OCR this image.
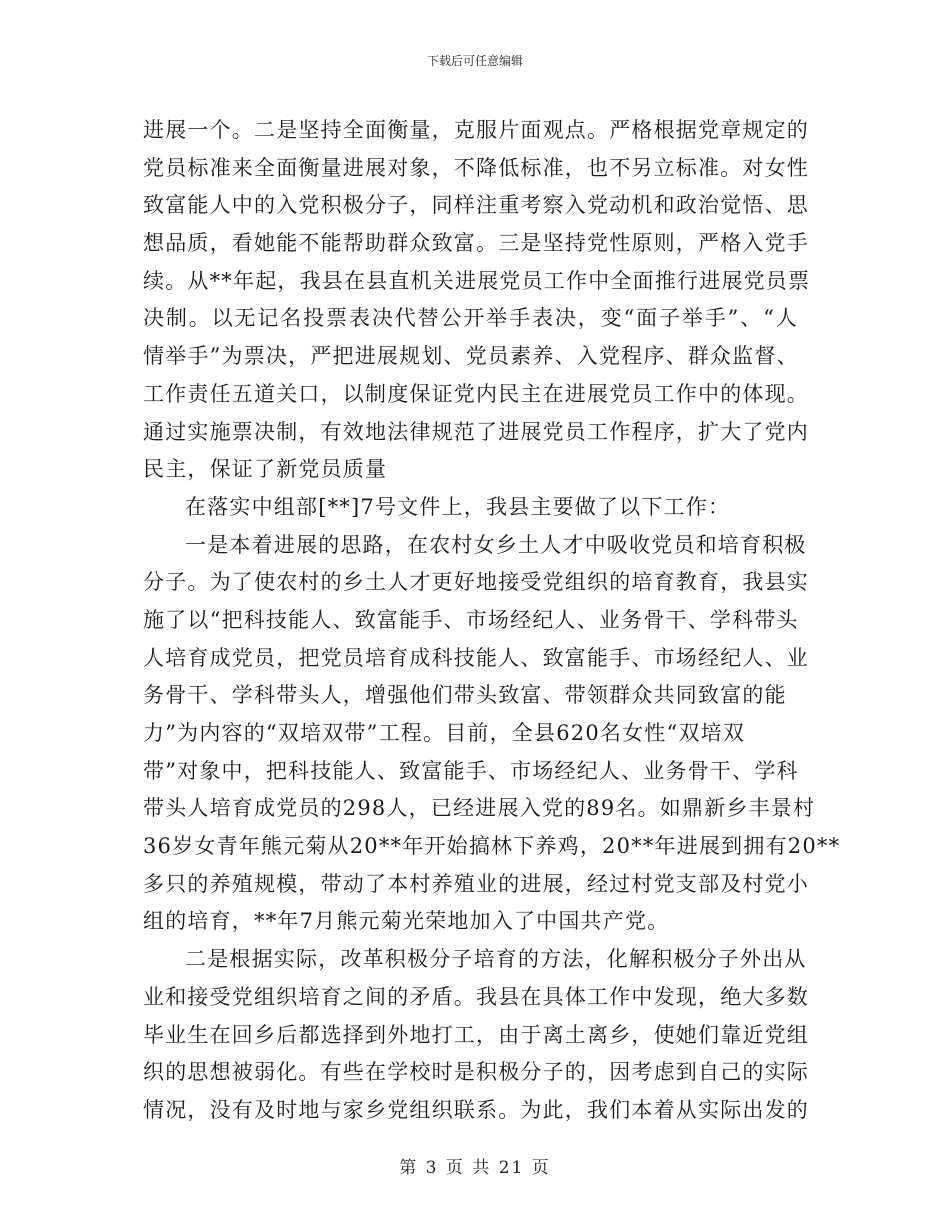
下载后可任意编辑
进展一个。二是坚持全面衡量，克服片面观点。严格根据党章规定的
党员标准来全面衡量进展对象，不降低标准，也不另立标准。对女性
致富能人中的入党积极分子，同样注重考察入党动机和政治觉悟、思
想品质，看她能不能帮助群众致富。三是坚持党性原则，严格入党手
续。从**年起，我县在县直机关进展党员工作中全面推行进展党员票
决制。以无记名投票表决代替公开举手表决，变“面子举手”、“人
情举手”为票决，严把进展规划、党员素养、入党程序、群众监督、
工作责任五道关口，以制度保证党内民主在进展党员工作中的体现。
通过实施票决制，有效地法律规范了进展党员工作程序，扩大了党内
民主，保证了新党员质量
在落实中组部[**]7号文件上，我县主要做了以下工作：
一是本着进展的思路，在农村女乡土人才中吸收党员和培育积极
分子。为了使农村的乡土人才更好地接受党组织的培育教育，我县实
施了以“把科技能人、致富能手、市场经纪人、业务骨干、学科带头
人培育成党员，把党员培育成科技能人、致富能手、市场经纪人、业
务骨干、学科带头人，增强他们带头致富、带领群众共同致富的能
力”为内容的“双培双带”工程。目前，全县620名女性“双培双
带”对象中，把科技能人、致富能手、市场经纪人、业务骨干、学科
带头人培育成党员的298人，已经进展入党的89名。如鼎新乡丰景村
36岁女青年熊元菊从20**年开始搞林下养鸡，20**年进展到拥有20**
多只的养殖规模，带动了本村养殖业的进展，经过村党支部及村党小
组的培育，**年7月熊元菊光荣地加入了中国共产党。
二是根据实际，改革积极分子培育的方法，化解积极分子外出从
业和接受党组织培育之间的矛盾。我县在具体工作中发现，绝大多数
毕业生在回乡后都选择到外地打工，由于离土离乡，使她们靠近党组
织的思想被弱化。有些在学校时是积极分子的，因考虑到自己的实际
情况，没有及时地与家乡党组织联系。为此，我们本着从实际出发的
第 3 页 共 21 页
